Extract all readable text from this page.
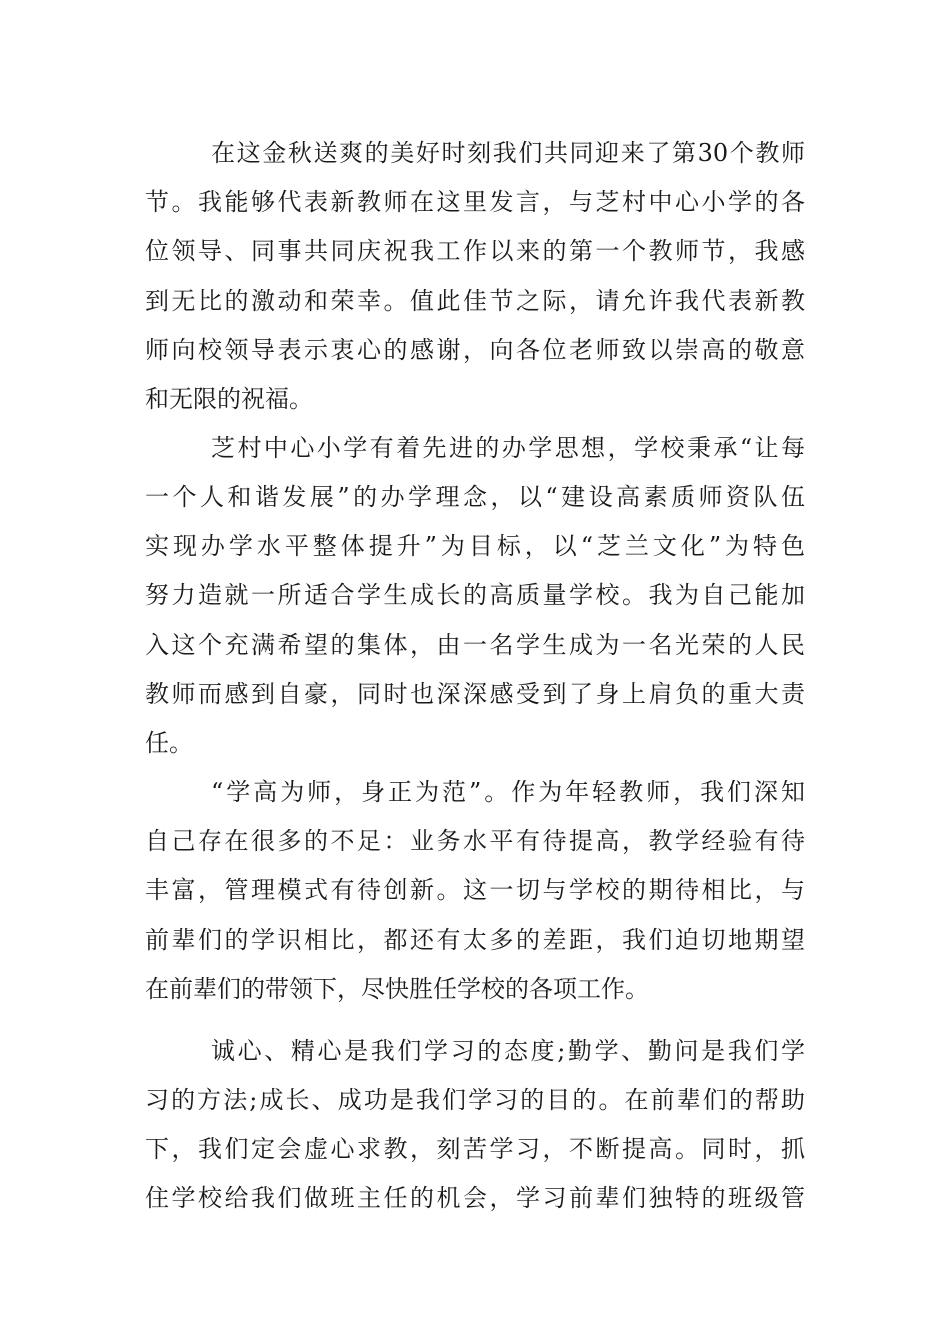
在这金秋送爽的美好时刻我们共同迎来了第30个教师
节。我能够代表新教师在这里发言，与芝村中心小学的各
位领导、同事共同庆祝我工作以来的第一个教师节，我感
到无比的激动和荣幸。值此佳节之际，请允许我代表新教
师向校领导表示衷心的感谢，向各位老师致以崇高的敬意
和无限的祝福。
芝村中心小学有着先进的办学思想，学校秉承“让每
一个人和谐发展”的办学理念，以“建设高素质师资队伍
实现办学水平整体提升”为目标，以“芝兰文化”为特色
努力造就一所适合学生成长的高质量学校。我为自己能加
入这个充满希望的集体，由一名学生成为一名光荣的人民
教师而感到自豪，同时也深深感受到了身上肩负的重大责
任。
“学高为师，身正为范”。作为年轻教师，我们深知
自己存在很多的不足：业务水平有待提高，教学经验有待
丰富，管理模式有待创新。这一切与学校的期待相比，与
前辈们的学识相比，都还有太多的差距，我们迫切地期望
在前辈们的带领下，尽快胜任学校的各项工作。
诚心、精心是我们学习的态度;勤学、勤问是我们学
习的方法;成长、成功是我们学习的目的。在前辈们的帮助
下，我们定会虚心求教，刻苦学习，不断提高。同时，抓
住学校给我们做班主任的机会，学习前辈们独特的班级管
